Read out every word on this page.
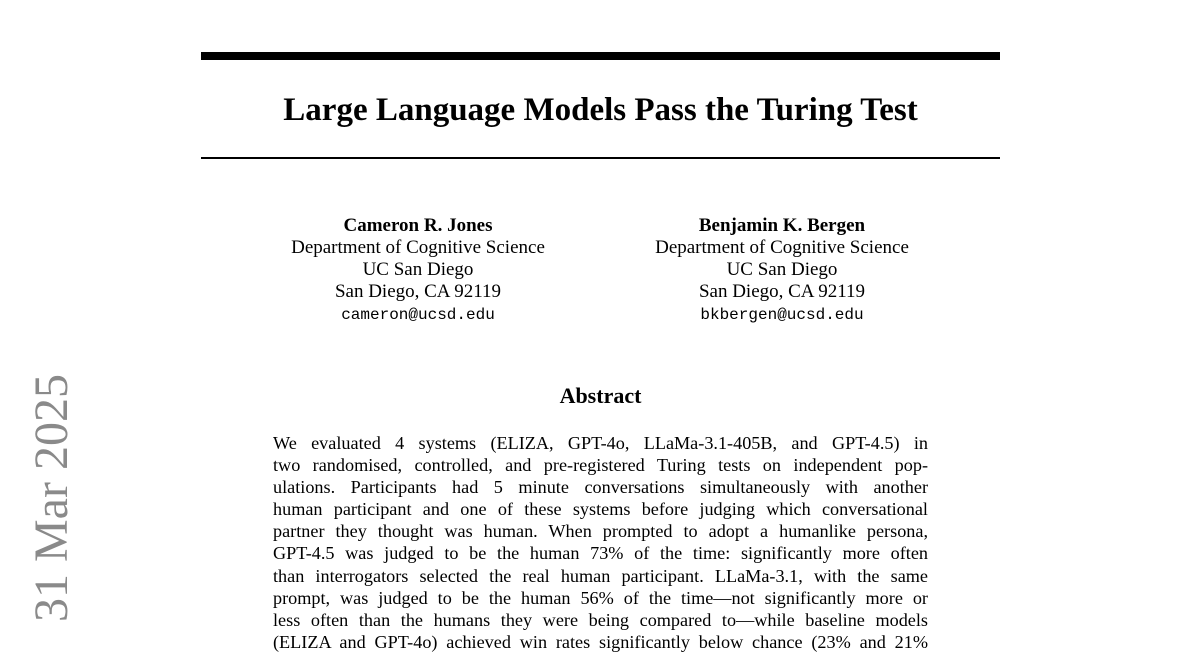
Large Language Models Pass the Turing Test
Cameron R. Jones
Department of Cognitive Science
UC San Diego
San Diego, CA 92119
cameron@ucsd.edu
Benjamin K. Bergen
Department of Cognitive Science
UC San Diego
San Diego, CA 92119
bkbergen@ucsd.edu
Abstract
We evaluated 4 systems (ELIZA, GPT-4o, LLaMa-3.1-405B, and GPT-4.5) in
two randomised, controlled, and pre-registered Turing tests on independent pop-
ulations. Participants had 5 minute conversations simultaneously with another
human participant and one of these systems before judging which conversational
partner they thought was human. When prompted to adopt a humanlike persona,
GPT-4.5 was judged to be the human 73% of the time: significantly more often
than interrogators selected the real human participant. LLaMa-3.1, with the same
prompt, was judged to be the human 56% of the time—not significantly more or
less often than the humans they were being compared to—while baseline models
(ELIZA and GPT-4o) achieved win rates significantly below chance (23% and 21%
31 Mar 2025
